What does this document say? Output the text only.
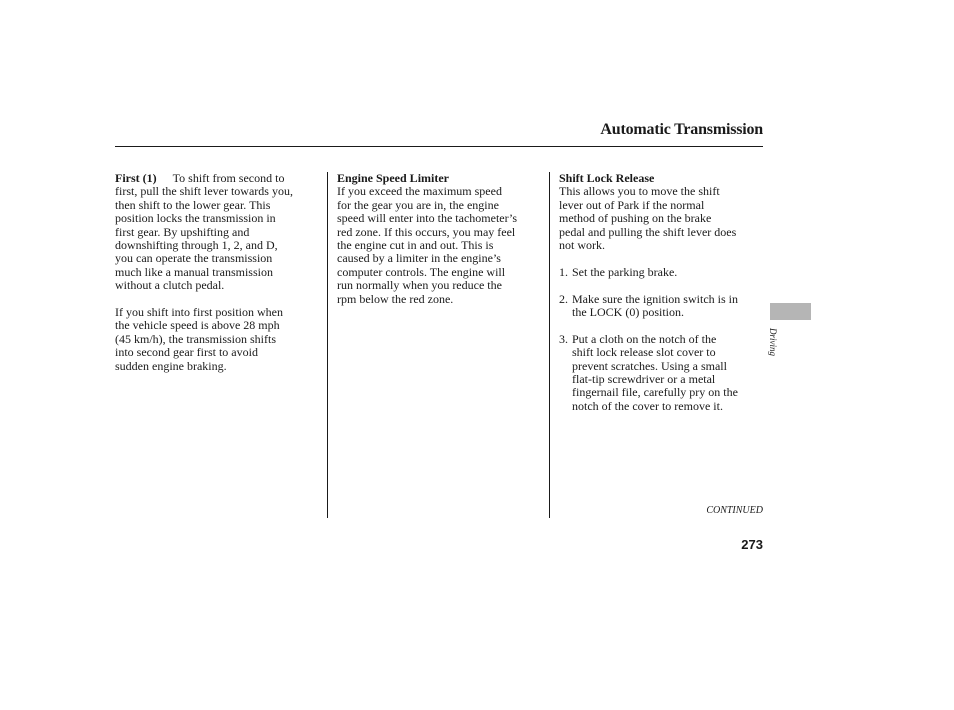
Automatic Transmission

First (1) To shift from second to
first, pull the shift lever towards you,
then shift to the lower gear. This
position locks the transmission in
first gear. By upshifting and
downshifting through 1, 2, and D,
you can operate the transmission
much like a manual transmission
without a clutch pedal.

If you shift into first position when
the vehicle speed is above 28 mph
(45 km/h), the transmission shifts
into second gear first to avoid
sudden engine braking.

Engine Speed Limiter

If you exceed the maximum speed
for the gear you are in, the engine
speed will enter into the tachometer’s
red zone. If this occurs, you may feel
the engine cut in and out. This is
caused by a limiter in the engine’s
computer controls. The engine will
run normally when you reduce the
rpm below the red zone.

Shift Lock Release

This allows you to move the shift
lever out of Park if the normal
method of pushing on the brake
pedal and pulling the shift lever does
not work.

1. Set the parking brake.
2. Make sure the ignition switch is in
the LOCK (0) position.
3. Put a cloth on the notch of the
shift lock release slot cover to
prevent scratches. Using a small
flat-tip screwdriver or a metal
fingernail file, carefully pry on the
notch of the cover to remove it.
Driving
CONTINUED
273
